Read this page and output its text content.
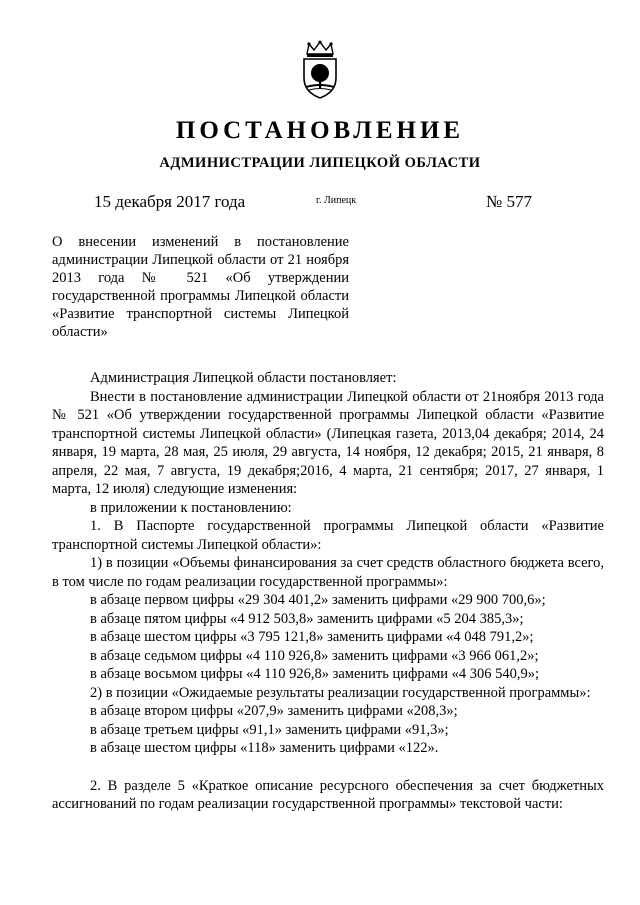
ПОСТАНОВЛЕНИЕ
АДМИНИСТРАЦИИ ЛИПЕЦКОЙ ОБЛАСТИ
15 декабря 2017 года	г. Липецк	№ 577
О внесении изменений в постановление администрации Липецкой области от 21 ноября 2013 года № 521 «Об утверждении государственной программы Липецкой области «Развитие транспортной системы Липецкой области»

Администрация Липецкой области постановляет:

Внести в постановление администрации Липецкой области от 21ноября 2013 года № 521 «Об утверждении государственной программы Липецкой области «Развитие транспортной системы Липецкой области» (Липецкая газета, 2013,04 декабря; 2014, 24 января, 19 марта, 28 мая, 25 июля, 29 августа, 14 ноября, 12 декабря; 2015, 21 января, 8 апреля, 22 мая, 7 августа, 19 декабря;2016, 4 марта, 21 сентября; 2017, 27 января, 1 марта, 12 июля) следующие изменения:

в приложении к постановлению:

1. В Паспорте государственной программы Липецкой области «Развитие транспортной системы Липецкой области»:

1) в позиции «Объемы финансирования за счет средств областного бюджета всего, в том числе по годам реализации государственной программы»:

в абзаце первом цифры «29 304 401,2» заменить цифрами «29 900 700,6»;

в абзаце пятом цифры «4 912 503,8» заменить цифрами «5 204 385,3»;

в абзаце шестом цифры «3 795 121,8» заменить цифрами «4 048 791,2»;

в абзаце седьмом цифры «4 110 926,8» заменить цифрами «3 966 061,2»;

в абзаце восьмом цифры «4 110 926,8» заменить цифрами «4 306 540,9»;

2) в позиции «Ожидаемые результаты реализации государственной программы»:

в абзаце втором цифры «207,9» заменить цифрами «208,3»;

в абзаце третьем цифры «91,1» заменить цифрами «91,3»;

в абзаце шестом цифры «118» заменить цифрами «122».

2. В разделе 5 «Краткое описание ресурсного обеспечения за счет бюджетных ассигнований по годам реализации государственной программы» текстовой части:
